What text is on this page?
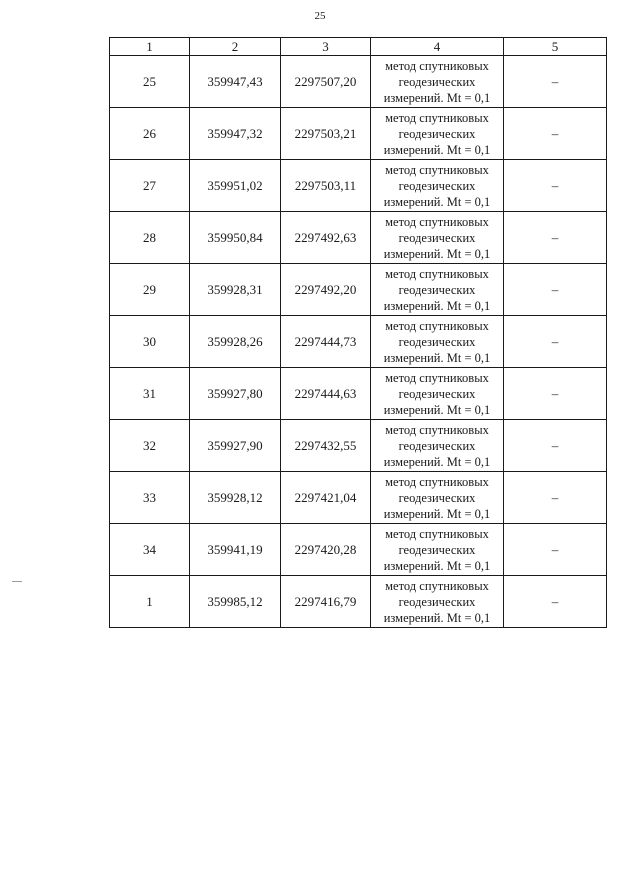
25
1	2	3	4	5
25	359947,43	2297507,20	метод спутниковых
геодезических
измерений. Mt = 0,1	–
26	359947,32	2297503,21	метод спутниковых
геодезических
измерений. Mt = 0,1	–
27	359951,02	2297503,11	метод спутниковых
геодезических
измерений. Mt = 0,1	–
28	359950,84	2297492,63	метод спутниковых
геодезических
измерений. Mt = 0,1	–
29	359928,31	2297492,20	метод спутниковых
геодезических
измерений. Mt = 0,1	–
30	359928,26	2297444,73	метод спутниковых
геодезических
измерений. Mt = 0,1	–
31	359927,80	2297444,63	метод спутниковых
геодезических
измерений. Mt = 0,1	–
32	359927,90	2297432,55	метод спутниковых
геодезических
измерений. Mt = 0,1	–
33	359928,12	2297421,04	метод спутниковых
геодезических
измерений. Mt = 0,1	–
34	359941,19	2297420,28	метод спутниковых
геодезических
измерений. Mt = 0,1	–
1	359985,12	2297416,79	метод спутниковых
геодезических
измерений. Mt = 0,1	–
